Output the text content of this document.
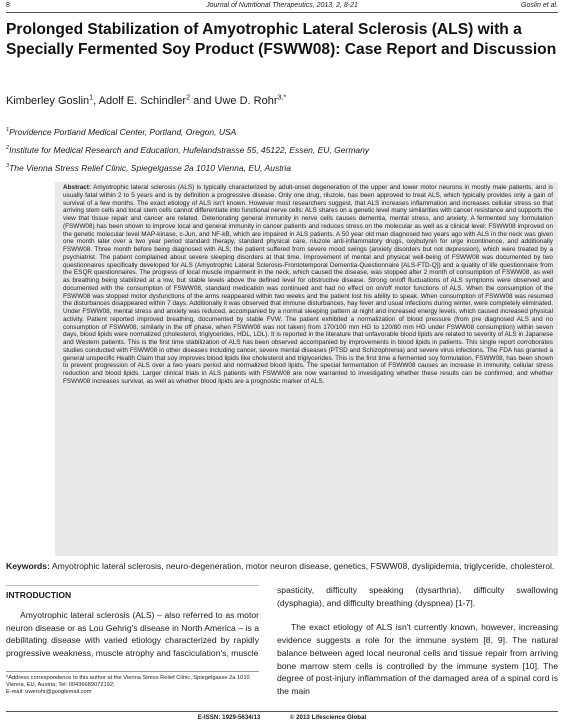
8	Journal of Nutritional Therapeutics, 2013, 2, 8-21	Goslin et al.
Prolonged Stabilization of Amyotrophic Lateral Sclerosis (ALS) with a Specially Fermented Soy Product (FSWW08): Case Report and Discussion
Kimberley Goslin$^1$, Adolf E. Schindler$^2$ and Uwe D. Rohr$^{3,*}$
$^1$Providence Portland Medical Center, Portland, Oregon, USA
$^2$Institute for Medical Research and Education, Hufelandstrasse 55, 45122, Essen, EU, Germany
$^3$The Vienna Stress Relief Clinic, Spiegelgasse 2a 1010 Vienna, EU, Austria
Abstract: Amyotrophic lateral sclerosis (ALS) is typically characterized by adult-onset degeneration of the upper and lower motor neurons in mostly male patients, and is usually fatal within 2 to 5 years and is by definition a progressive disease. Only one drug, riluzole, has been approved to treat ALS, which typically provides only a gain of survival of a few months. The exact etiology of ALS isn't known. However most researchers suggest, that ALS increases inflammation and increases cellular stress so that arriving stem cells and local stem cells cannot differentiate into functional nerve cells: ALS shares on a genetic level many similarities with cancer resistance and supports the view that tissue repair and cancer are related. Deteriorating general immunity in nerve cells causes dementia, mental stress, and anxiety. A fermented soy formulation (FSWW08) has been shown to improve local and general immunity in cancer patients and reduces stress on the molecular as well as a clinical level: FSWW08 improved on the genetic molecular level MAP-kinase, c-Jun, and NF-kB, which are impaired in ALS patients. A 50 year old man diagnosed two years ago with ALS in the neck was given one month later over a two year period standard therapy, standard physical care, riluzole anti-inflammatory drugs, oxybutynin for urge incontinence, and additionally FSWW08. Three month before being diagnosed with ALS; the patient suffered from severe mood swings (anxiety disorders but not depression), which were treated by a psychiatrist. The patient complained about severe sleeping disorders at that time. Improvement of mental and physical well-being of FSWW08 was documented by two questionnaires specifically developed for ALS (Amyotrophic Lateral Sclerosis-Frontotemporal Dementia-Questionnaire [ALS-FTD-Q]) and a quality of life questionnaire from the ESQR questionnaires. The progress of local muscle impairment in the neck, which caused the disease, was stopped after 2 month of consumption of FSWW08, as well as breathing being stabilized at a low, but stable levels above the defined level for obstructive disease. Strong on/off fluctuations of ALS symptoms were observed and documented with the consumption of FSWW08, standard medication was continued and had no effect on on/off motor functions of ALS. When the consumption of the FSWW08 was stopped motor dysfunctions of the arms reappeared within two weeks and the patient lost his ability to speak. When consumption of FSWW08 was resumed the disturbances disappeared within 7 days. Additionally it was observed that immune disturbances, hay fever and usual infections during winter, were completely eliminated. Under FSWW08, mental stress and anxiety was reduced, accompanied by a normal sleeping pattern at night and increased energy levels, which caused increased physical activity. Patient reported improved breathing, documented by stable FVW. The patient exhibited a normalization of blood pressure (from pre diagnosed ALS and no consumption of FSWW08, similarly in the off phase, when FSWW08 was not taken) from 170/100 mm HG to 120/80 mm HG under FSWW08 consumption) within seven days, blood lipids were normalized (cholesterol, triglycerides, HDL, LDL). It is reported in the literature that unfavorable blood lipids are related to severity of ALS in Japanese and Western patients. This is the first time stabilization of ALS has been observed accompanied by improvements in blood lipids in patients. This single report corroborates studies conducted with FSWW08 in other diseases including cancer, severe mental diseases (PTSD and Schizophrenia) and severe virus infections. The FDA has granted a general unspecific Health Claim that soy improves blood lipids like cholesterol and triglycerides. This is the first time a fermented soy formulation, FSWW08, has been shown to prevent progression of ALS over a two years period and normalized blood lipids. The special fermentation of FSWW08 causes an increase in immunity, cellular stress reduction and blood lipids. Larger clinical trials in ALS patients with FSWW08 are now warranted to investigating whether these results can be confirmed, and whether FSWW08 increases survival, as well as whether blood lipids are a prognostic marker of ALS.
Keywords: Amyotrophic lateral sclerosis, neuro-degeneration, motor neuron disease, genetics, FSWW08, dyslipidemia, triglyceride, cholesterol.
INTRODUCTION

Amyotrophic lateral sclerosis (ALS) – also referred to as motor neuron disease or as Lou Gehrig's disease in North America – is a debilitating disease with varied etiology characterized by rapidly progressive weakness, muscle atrophy and fasciculation's, muscle

spasticity, difficulty speaking (dysarthria), difficulty swallowing (dysphagia), and difficulty breathing (dyspnea) [1-7].

The exact etiology of ALS isn't currently known, however, increasing evidence suggests a role for the immune system [8, 9]. The natural balance between aged local neuronal cells and tissue repair from arriving bone marrow stem cells is controlled by the immune system [10]. The degree of post-injury inflammation of the damaged area of a spinal cord is the main

*Address correspondence to this author at the Vienna Stress Relief Clinic, Spiegelgasse 2a 1010 Vienna, EU, Austria; Tel: 00436689072192;
E-mail: uwerohr@googlemail.com
E-ISSN: 1929-5634/13	© 2013 Lifescience Global
